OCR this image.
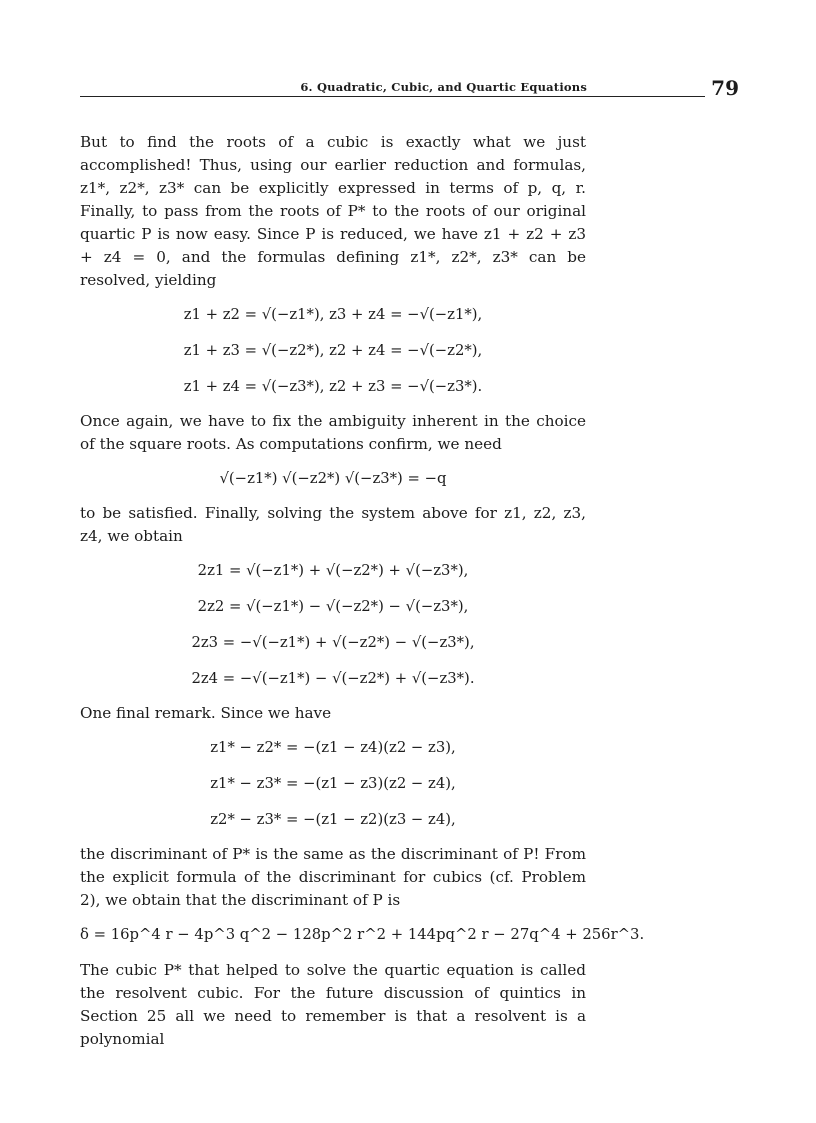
6. Quadratic, Cubic, and Quartic Equations	79

But to find the roots of a cubic is exactly what we just accomplished! Thus, using our earlier reduction and formulas, z1*, z2*, z3* can be explicitly expressed in terms of p, q, r. Finally, to pass from the roots of P* to the roots of our original quartic P is now easy. Since P is reduced, we have z1 + z2 + z3 + z4 = 0, and the formulas defining z1*, z2*, z3* can be resolved, yielding

z1 + z2 = √(−z1*), z3 + z4 = −√(−z1*),
z1 + z3 = √(−z2*), z2 + z4 = −√(−z2*),
z1 + z4 = √(−z3*), z2 + z3 = −√(−z3*).

Once again, we have to fix the ambiguity inherent in the choice of the square roots. As computations confirm, we need

√(−z1*) √(−z2*) √(−z3*) = −q

to be satisfied. Finally, solving the system above for z1, z2, z3, z4, we obtain

2z1 = √(−z1*) + √(−z2*) + √(−z3*),
2z2 = √(−z1*) − √(−z2*) − √(−z3*),
2z3 = −√(−z1*) + √(−z2*) − √(−z3*),
2z4 = −√(−z1*) − √(−z2*) + √(−z3*).

One final remark. Since we have

z1* − z2* = −(z1 − z4)(z2 − z3),
z1* − z3* = −(z1 − z3)(z2 − z4),
z2* − z3* = −(z1 − z2)(z3 − z4),

the discriminant of P* is the same as the discriminant of P! From the explicit formula of the discriminant for cubics (cf. Problem 2), we obtain that the discriminant of P is

δ = 16p^4 r − 4p^3 q^2 − 128p^2 r^2 + 144pq^2 r − 27q^4 + 256r^3.

The cubic P* that helped to solve the quartic equation is called the resolvent cubic. For the future discussion of quintics in Section 25 all we need to remember is that a resolvent is a polynomial
